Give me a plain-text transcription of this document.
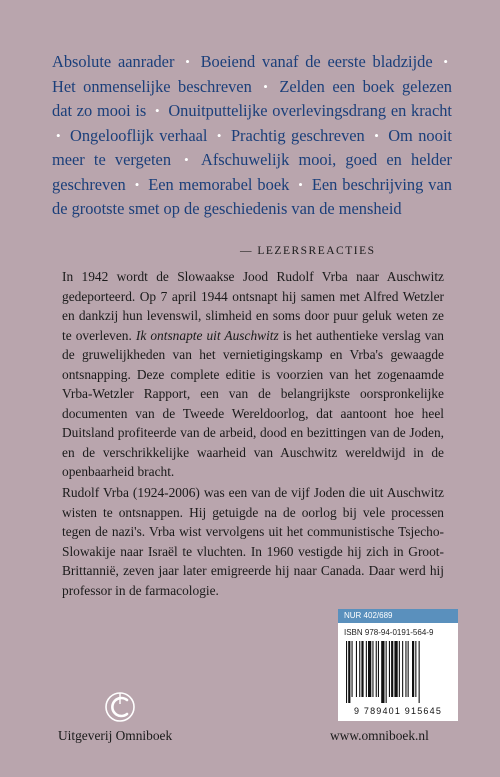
Absolute aanrader • Boeiend vanaf de eerste bladzijde • Het onmenselijke beschreven • Zelden een boek gelezen dat zo mooi is • Onuitputtelijke overlevingsdrang en kracht • Ongelooflijk verhaal • Prachtig geschreven • Om nooit meer te vergeten • Afschuwelijk mooi, goed en helder geschreven • Een memorabel boek • Een beschrijving van de grootste smet op de geschiedenis van de mensheid
— LEZERSREACTIES

In 1942 wordt de Slowaakse Jood Rudolf Vrba naar Auschwitz gedeporteerd. Op 7 april 1944 ontsnapt hij samen met Alfred Wetzler en dankzij hun levenswil, slimheid en soms door puur geluk weten ze te overleven. Ik ontsnapte uit Auschwitz is het authentieke verslag van de gruwelijkheden van het vernietigingskamp en Vrba's gewaagde ontsnapping. Deze complete editie is voorzien van het zogenaamde Vrba-Wetzler Rapport, een van de belangrijkste oorspronkelijke documenten van de Tweede Wereldoorlog, dat aantoont hoe heel Duitsland profiteerde van de arbeid, dood en bezittingen van de Joden, en de verschrikkelijke waarheid van Auschwitz wereldwijd in de openbaarheid bracht.

Rudolf Vrba (1924-2006) was een van de vijf Joden die uit Auschwitz wisten te ontsnappen. Hij getuigde na de oorlog bij vele processen tegen de nazi's. Vrba wist vervolgens uit het communistische Tsjecho-Slowakije naar Israël te vluchten. In 1960 vestigde hij zich in Groot-Brittannië, zeven jaar later emigreerde hij naar Canada. Daar werd hij professor in de farmacologie.

NUR 402/689
ISBN 978-94-0191-564-9
9 789401 915645
Uitgeverij Omniboek	www.omniboek.nl
